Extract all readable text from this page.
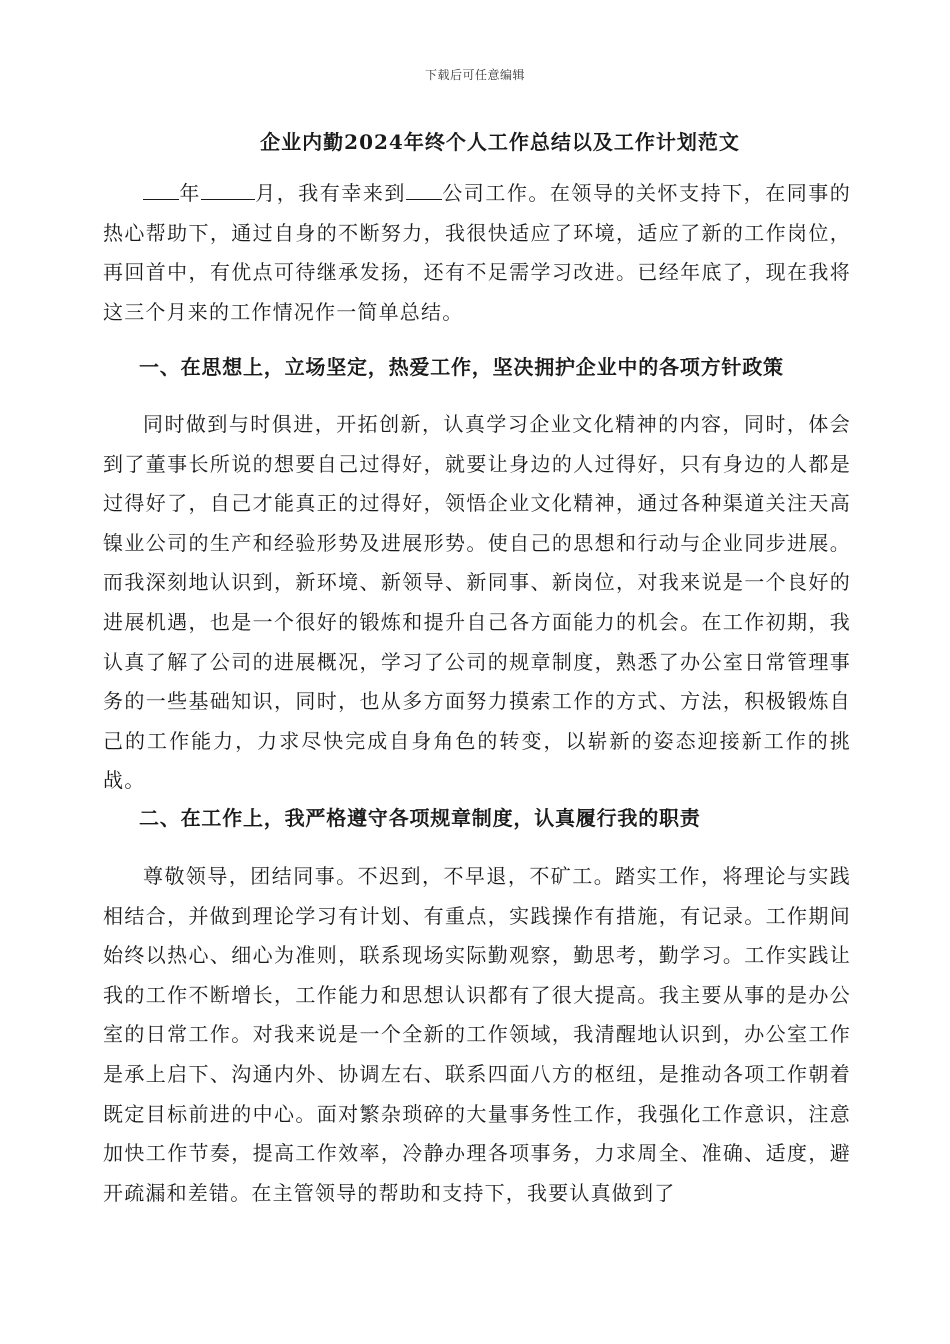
下载后可任意编辑
企业内勤2024年终个人工作总结以及工作计划范文

年	月，我有幸来到 公司工作。在领导的关怀支持下，在同事的热心帮助下，通过自身的不断努力，我很快适应了环境，适应了新的工作岗位，再回首中，有优点可待继承发扬，还有不足需学习改进。已经年底了，现在我将这三个月来的工作情况作一简单总结。

一、在思想上，立场坚定，热爱工作，坚决拥护企业中的各项方针政策

同时做到与时俱进，开拓创新，认真学习企业文化精神的内容，同时，体会到了董事长所说的想要自己过得好，就要让身边的人过得好，只有身边的人都是过得好了，自己才能真正的过得好，领悟企业文化精神，通过各种渠道关注天高镍业公司的生产和经验形势及进展形势。使自己的思想和行动与企业同步进展。而我深刻地认识到，新环境、新领导、新同事、新岗位，对我来说是一个良好的进展机遇，也是一个很好的锻炼和提升自己各方面能力的机会。在工作初期，我认真了解了公司的进展概况，学习了公司的规章制度，熟悉了办公室日常管理事务的一些基础知识，同时，也从多方面努力摸索工作的方式、方法，积极锻炼自己的工作能力，力求尽快完成自身角色的转变，以崭新的姿态迎接新工作的挑战。

二、在工作上，我严格遵守各项规章制度，认真履行我的职责

尊敬领导，团结同事。不迟到，不早退，不矿工。踏实工作，将理论与实践相结合，并做到理论学习有计划、有重点，实践操作有措施，有记录。工作期间始终以热心、细心为准则，联系现场实际勤观察，勤思考，勤学习。工作实践让我的工作不断增长，工作能力和思想认识都有了很大提高。我主要从事的是办公室的日常工作。对我来说是一个全新的工作领域，我清醒地认识到，办公室工作是承上启下、沟通内外、协调左右、联系四面八方的枢纽，是推动各项工作朝着既定目标前进的中心。面对繁杂琐碎的大量事务性工作，我强化工作意识，注意加快工作节奏，提高工作效率，冷静办理各项事务，力求周全、准确、适度，避开疏漏和差错。在主管领导的帮助和支持下，我要认真做到了
